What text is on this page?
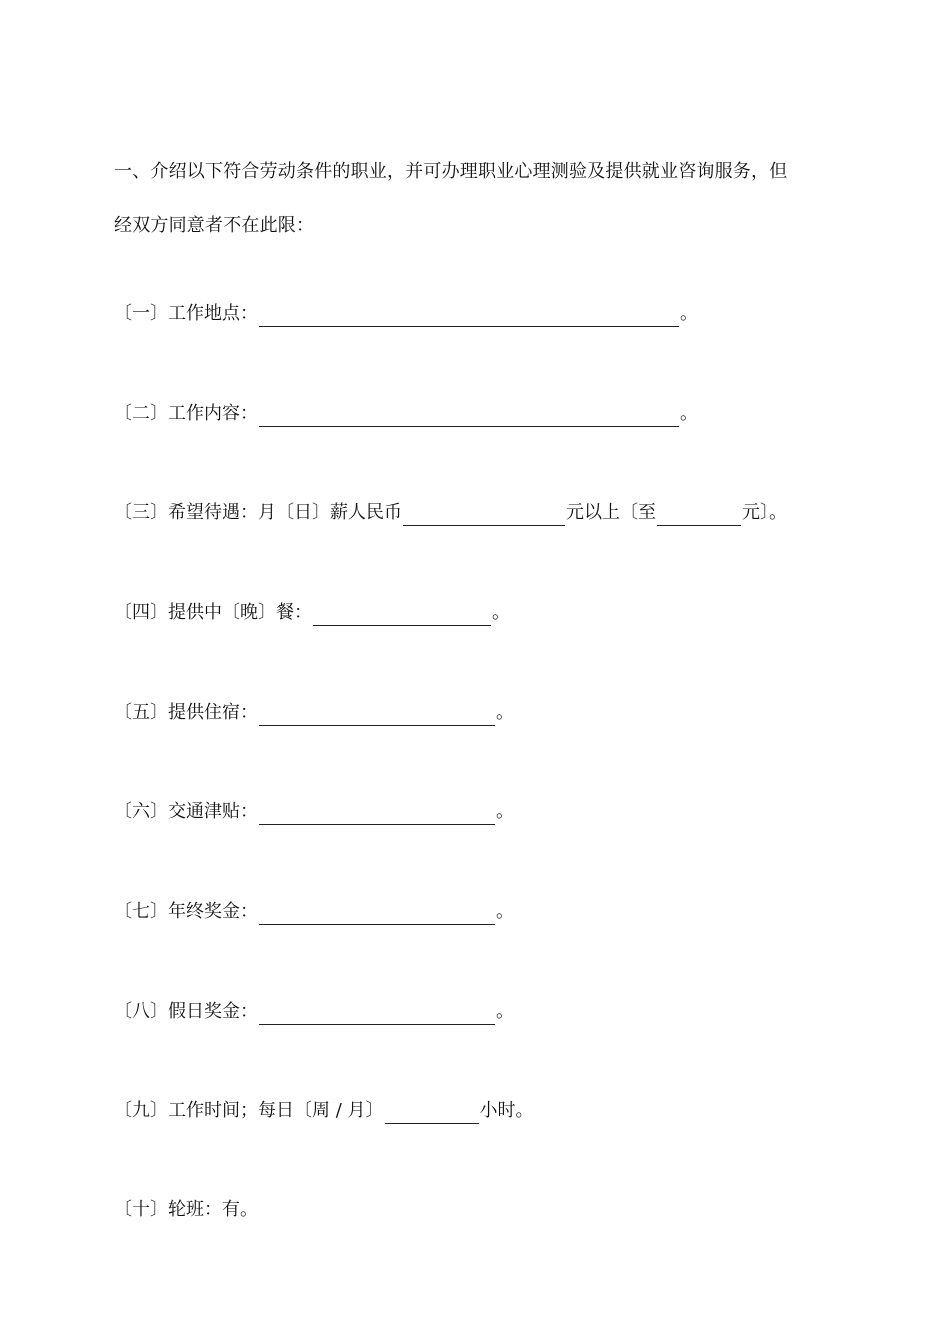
一、介绍以下符合劳动条件的职业，并可办理职业心理测验及提供就业咨询服务，但
经双方同意者不在此限：
〔一〕工作地点：	。
〔二〕工作内容：	。
〔三〕希望待遇：月〔日〕薪人民币	元以上〔至	元〕。
〔四〕提供中〔晚〕餐：	。
〔五〕提供住宿：	。
〔六〕交通津贴：	。
〔七〕年终奖金：	。
〔八〕假日奖金：	。
〔九〕工作时间；每日〔周 / 月〕	小时。
〔十〕轮班：有。
